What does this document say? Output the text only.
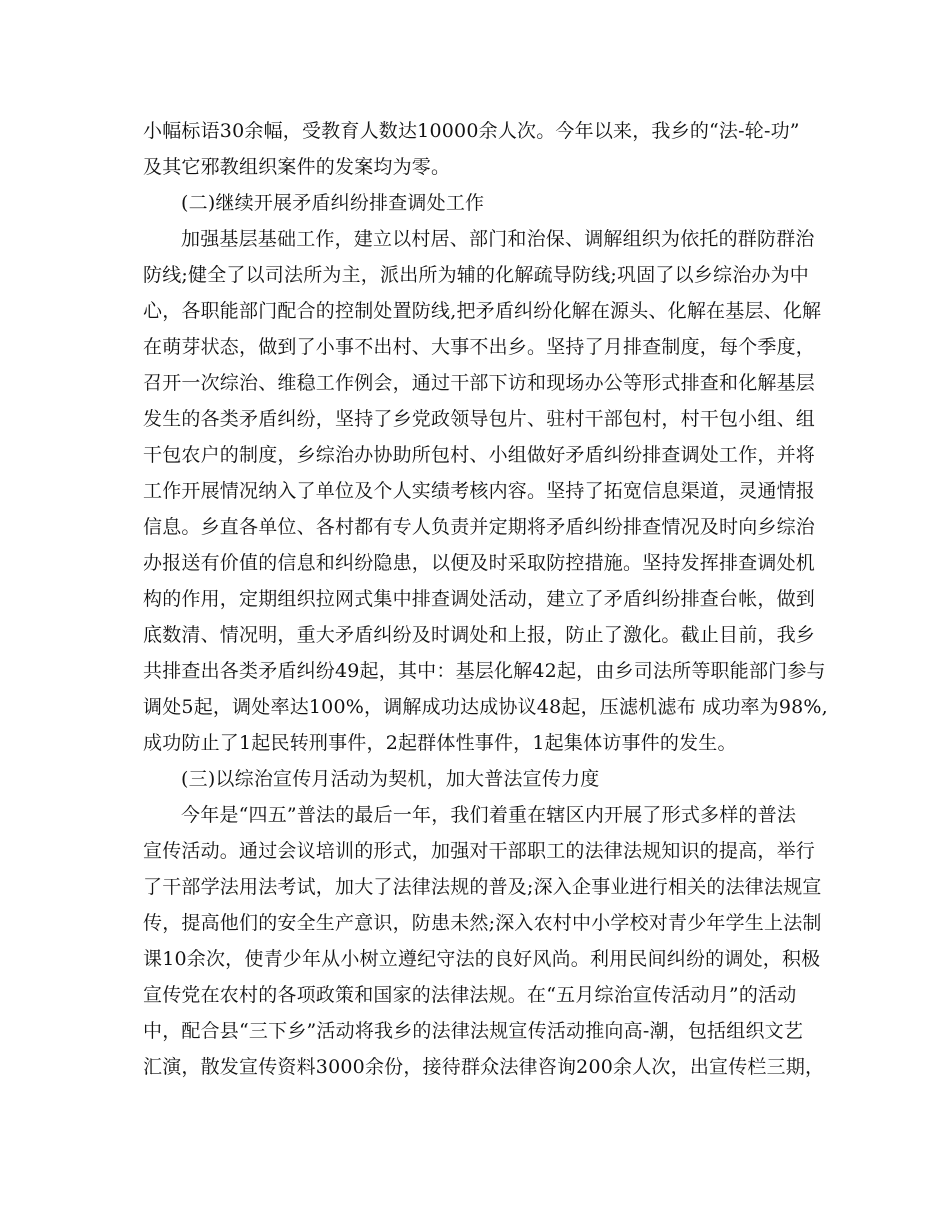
小幅标语30余幅，受教育人数达10000余人次。今年以来，我乡的“法-轮-功”
及其它邪教组织案件的发案均为零。
(二)继续开展矛盾纠纷排查调处工作
加强基层基础工作，建立以村居、部门和治保、调解组织为依托的群防群治
防线;健全了以司法所为主，派出所为辅的化解疏导防线;巩固了以乡综治办为中
心，各职能部门配合的控制处置防线,把矛盾纠纷化解在源头、化解在基层、化解
在萌芽状态，做到了小事不出村、大事不出乡。坚持了月排查制度，每个季度，
召开一次综治、维稳工作例会，通过干部下访和现场办公等形式排查和化解基层
发生的各类矛盾纠纷，坚持了乡党政领导包片、驻村干部包村，村干包小组、组
干包农户的制度，乡综治办协助所包村、小组做好矛盾纠纷排查调处工作，并将
工作开展情况纳入了单位及个人实绩考核内容。坚持了拓宽信息渠道，灵通情报
信息。乡直各单位、各村都有专人负责并定期将矛盾纠纷排查情况及时向乡综治
办报送有价值的信息和纠纷隐患，以便及时采取防控措施。坚持发挥排查调处机
构的作用，定期组织拉网式集中排查调处活动，建立了矛盾纠纷排查台帐，做到
底数清、情况明，重大矛盾纠纷及时调处和上报，防止了激化。截止目前，我乡
共排查出各类矛盾纠纷49起，其中：基层化解42起，由乡司法所等职能部门参与
调处5起，调处率达100%，调解成功达成协议48起，压滤机滤布 成功率为98%,
成功防止了1起民转刑事件，2起群体性事件，1起集体访事件的发生。
(三)以综治宣传月活动为契机，加大普法宣传力度
今年是“四五”普法的最后一年，我们着重在辖区内开展了形式多样的普法
宣传活动。通过会议培训的形式，加强对干部职工的法律法规知识的提高，举行
了干部学法用法考试，加大了法律法规的普及;深入企事业进行相关的法律法规宣
传，提高他们的安全生产意识，防患未然;深入农村中小学校对青少年学生上法制
课10余次，使青少年从小树立遵纪守法的良好风尚。利用民间纠纷的调处，积极
宣传党在农村的各项政策和国家的法律法规。在“五月综治宣传活动月”的活动
中，配合县“三下乡”活动将我乡的法律法规宣传活动推向高-潮，包括组织文艺
汇演，散发宣传资料3000余份，接待群众法律咨询200余人次，出宣传栏三期，
